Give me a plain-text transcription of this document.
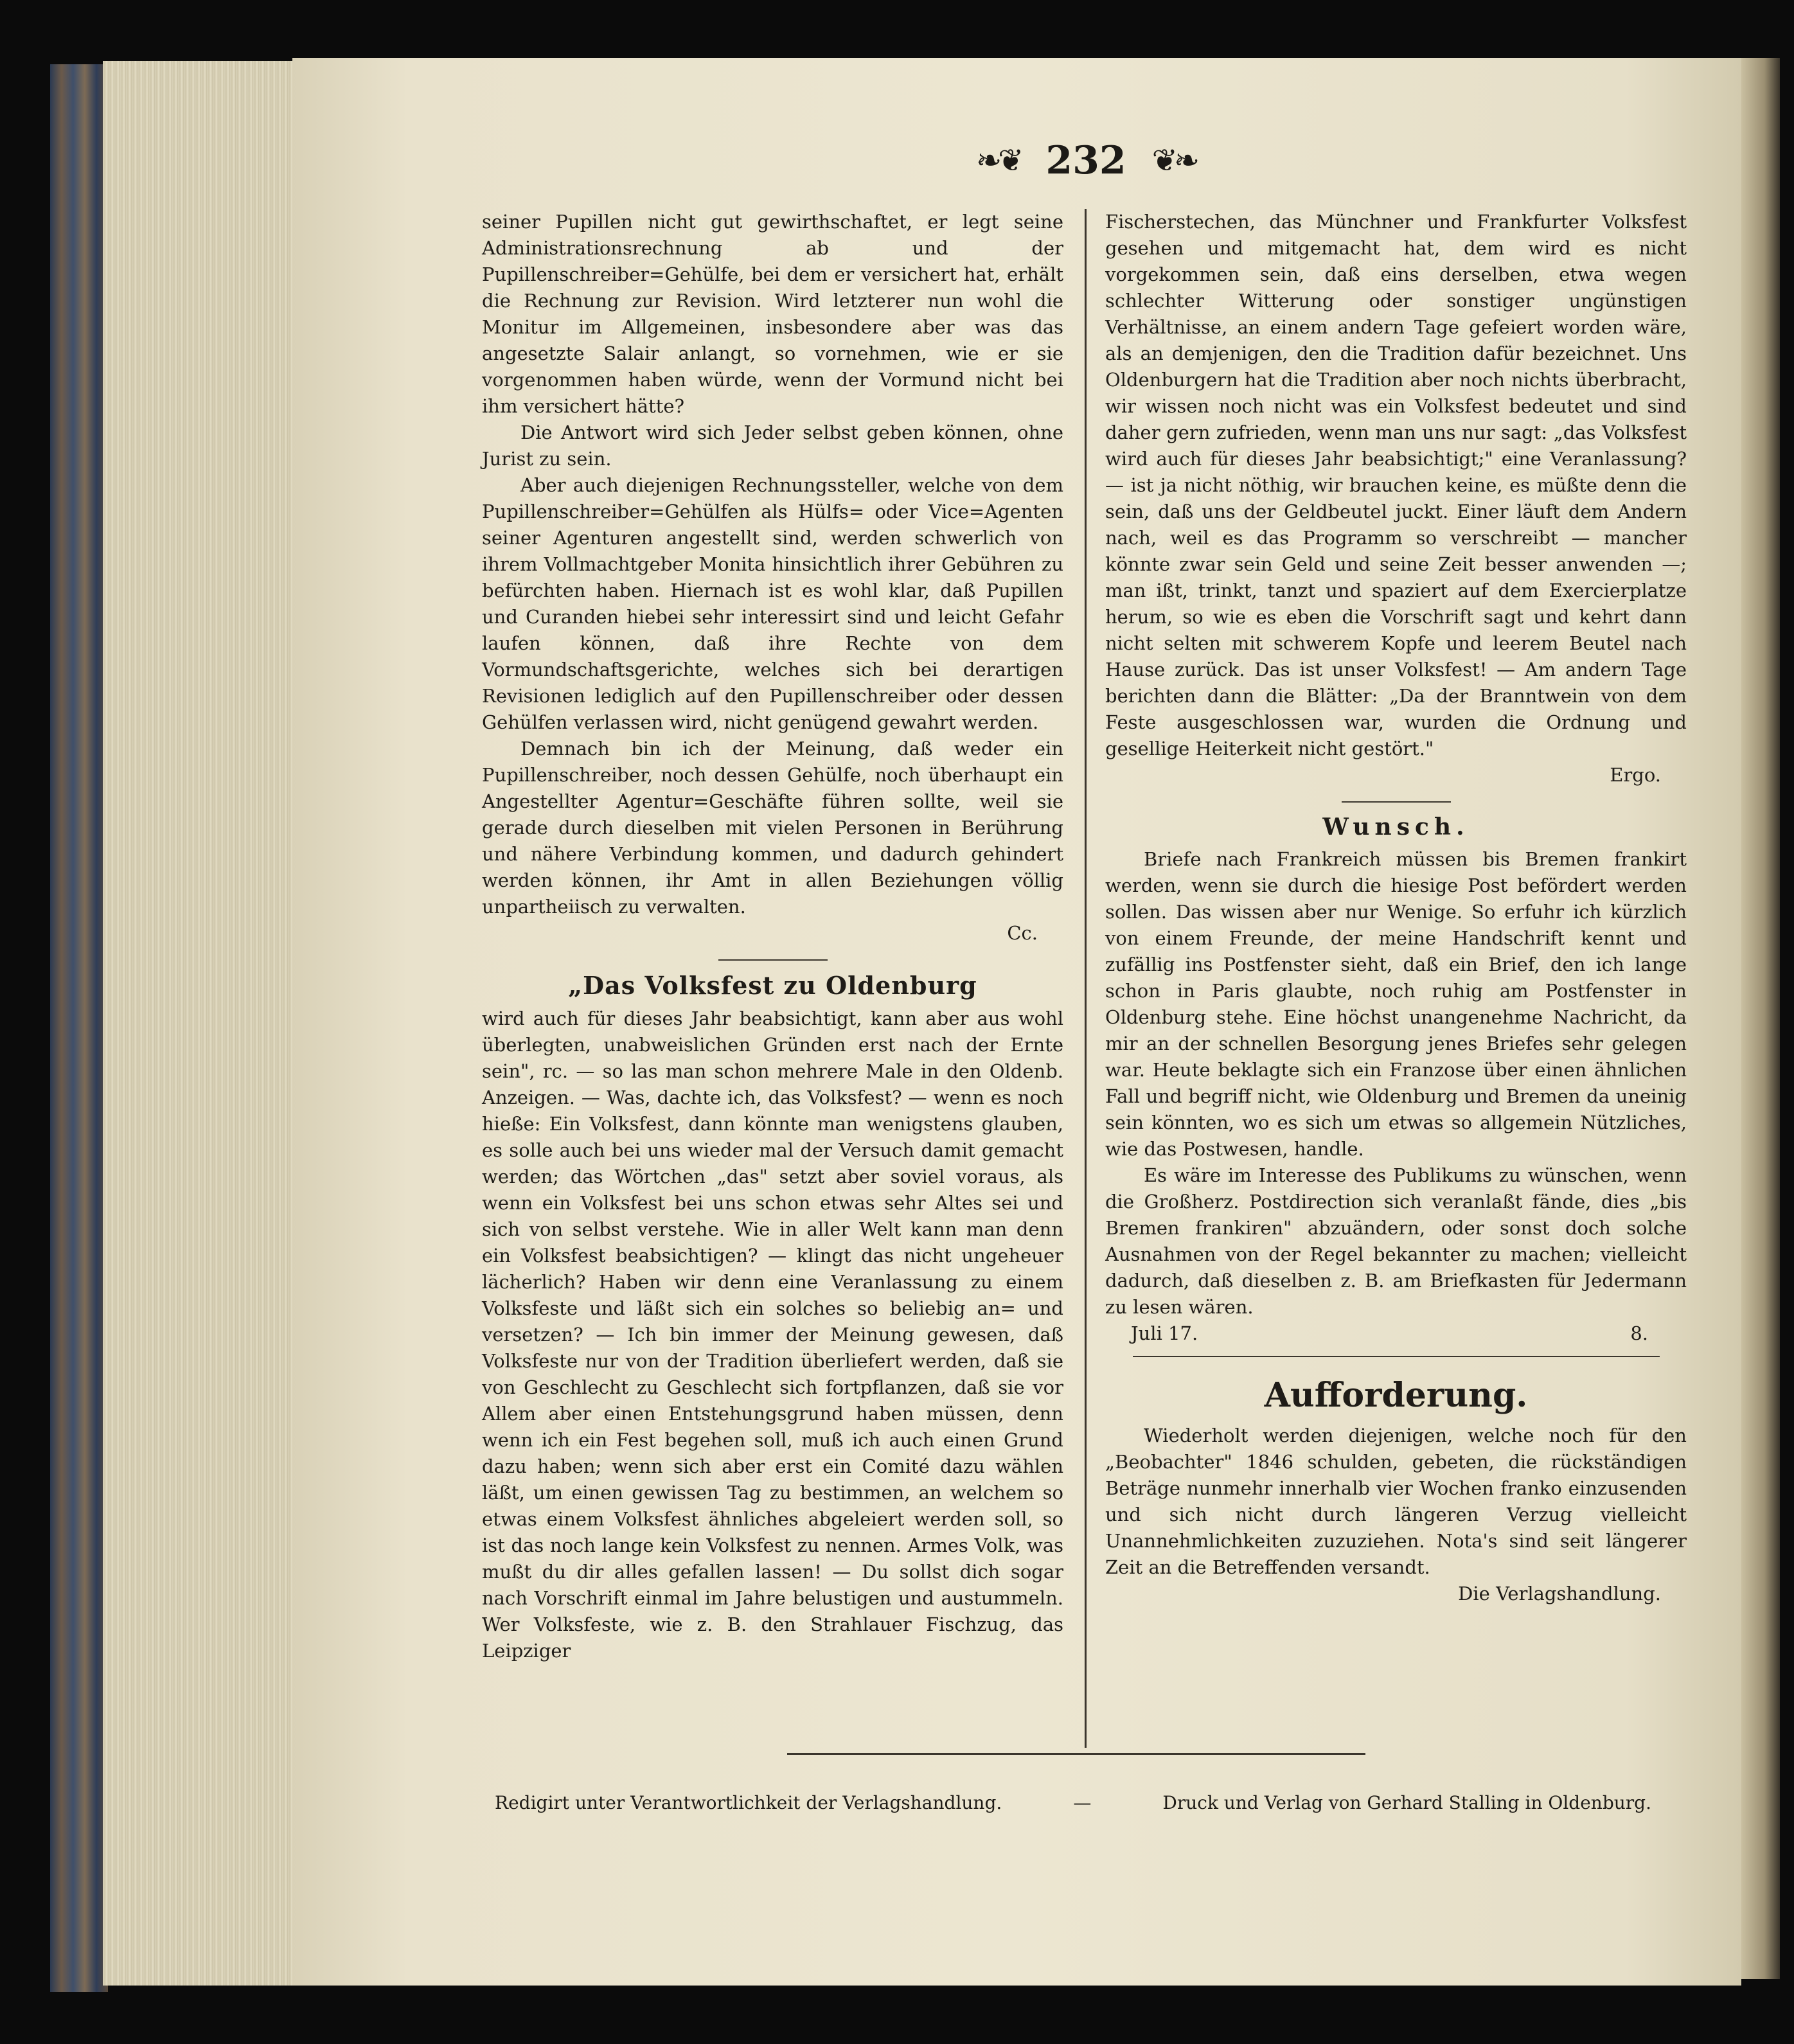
❧❦ 232 ❦❧

seiner Pupillen nicht gut gewirthschaftet, er legt seine Administrationsrechnung ab und der Pupillenschreiber=Gehülfe, bei dem er versichert hat, erhält die Rechnung zur Revision. Wird letzterer nun wohl die Monitur im Allgemeinen, insbesondere aber was das angesetzte Salair anlangt, so vornehmen, wie er sie vorgenommen haben würde, wenn der Vormund nicht bei ihm versichert hätte?

Die Antwort wird sich Jeder selbst geben können, ohne Jurist zu sein.

Aber auch diejenigen Rechnungssteller, welche von dem Pupillenschreiber=Gehülfen als Hülfs= oder Vice=Agenten seiner Agenturen angestellt sind, werden schwerlich von ihrem Vollmachtgeber Monita hinsichtlich ihrer Gebühren zu befürchten haben. Hiernach ist es wohl klar, daß Pupillen und Curanden hiebei sehr interessirt sind und leicht Gefahr laufen können, daß ihre Rechte von dem Vormundschaftsgerichte, welches sich bei derartigen Revisionen lediglich auf den Pupillenschreiber oder dessen Gehülfen verlassen wird, nicht genügend gewahrt werden.

Demnach bin ich der Meinung, daß weder ein Pupillenschreiber, noch dessen Gehülfe, noch überhaupt ein Angestellter Agentur=Geschäfte führen sollte, weil sie gerade durch dieselben mit vielen Personen in Berührung und nähere Verbindung kommen, und dadurch gehindert werden können, ihr Amt in allen Beziehungen völlig unpartheiisch zu verwalten.

Cc.
„Das Volksfest zu Oldenburg

wird auch für dieses Jahr beabsichtigt, kann aber aus wohl überlegten, unabweislichen Gründen erst nach der Ernte sein", rc. — so las man schon mehrere Male in den Oldenb. Anzeigen. — Was, dachte ich, das Volksfest? — wenn es noch hieße: Ein Volksfest, dann könnte man wenigstens glauben, es solle auch bei uns wieder mal der Versuch damit gemacht werden; das Wörtchen „das" setzt aber soviel voraus, als wenn ein Volksfest bei uns schon etwas sehr Altes sei und sich von selbst verstehe. Wie in aller Welt kann man denn ein Volksfest beabsichtigen? — klingt das nicht ungeheuer lächerlich? Haben wir denn eine Veranlassung zu einem Volksfeste und läßt sich ein solches so beliebig an= und versetzen? — Ich bin immer der Meinung gewesen, daß Volksfeste nur von der Tradition überliefert werden, daß sie von Geschlecht zu Geschlecht sich fortpflanzen, daß sie vor Allem aber einen Entstehungsgrund haben müssen, denn wenn ich ein Fest begehen soll, muß ich auch einen Grund dazu haben; wenn sich aber erst ein Comité dazu wählen läßt, um einen gewissen Tag zu bestimmen, an welchem so etwas einem Volksfest ähnliches abgeleiert werden soll, so ist das noch lange kein Volksfest zu nennen. Armes Volk, was mußt du dir alles gefallen lassen! — Du sollst dich sogar nach Vorschrift einmal im Jahre belustigen und austummeln. Wer Volksfeste, wie z. B. den Strahlauer Fischzug, das Leipziger

Fischerstechen, das Münchner und Frankfurter Volksfest gesehen und mitgemacht hat, dem wird es nicht vorgekommen sein, daß eins derselben, etwa wegen schlechter Witterung oder sonstiger ungünstigen Verhältnisse, an einem andern Tage gefeiert worden wäre, als an demjenigen, den die Tradition dafür bezeichnet. Uns Oldenburgern hat die Tradition aber noch nichts überbracht, wir wissen noch nicht was ein Volksfest bedeutet und sind daher gern zufrieden, wenn man uns nur sagt: „das Volksfest wird auch für dieses Jahr beabsichtigt;" eine Veranlassung? — ist ja nicht nöthig, wir brauchen keine, es müßte denn die sein, daß uns der Geldbeutel juckt. Einer läuft dem Andern nach, weil es das Programm so verschreibt — mancher könnte zwar sein Geld und seine Zeit besser anwenden —; man ißt, trinkt, tanzt und spaziert auf dem Exercierplatze herum, so wie es eben die Vorschrift sagt und kehrt dann nicht selten mit schwerem Kopfe und leerem Beutel nach Hause zurück. Das ist unser Volksfest! — Am andern Tage berichten dann die Blätter: „Da der Branntwein von dem Feste ausgeschlossen war, wurden die Ordnung und gesellige Heiterkeit nicht gestört."

Ergo.
Wunsch.

Briefe nach Frankreich müssen bis Bremen frankirt werden, wenn sie durch die hiesige Post befördert werden sollen. Das wissen aber nur Wenige. So erfuhr ich kürzlich von einem Freunde, der meine Handschrift kennt und zufällig ins Postfenster sieht, daß ein Brief, den ich lange schon in Paris glaubte, noch ruhig am Postfenster in Oldenburg stehe. Eine höchst unangenehme Nachricht, da mir an der schnellen Besorgung jenes Briefes sehr gelegen war. Heute beklagte sich ein Franzose über einen ähnlichen Fall und begriff nicht, wie Oldenburg und Bremen da uneinig sein könnten, wo es sich um etwas so allgemein Nützliches, wie das Postwesen, handle.

Es wäre im Interesse des Publikums zu wünschen, wenn die Großherz. Postdirection sich veranlaßt fände, dies „bis Bremen frankiren" abzuändern, oder sonst doch solche Ausnahmen von der Regel bekannter zu machen; vielleicht dadurch, daß dieselben z. B. am Briefkasten für Jedermann zu lesen wären.

Juli 17.	8.
Aufforderung.

Wiederholt werden diejenigen, welche noch für den „Beobachter" 1846 schulden, gebeten, die rückständigen Beträge nunmehr innerhalb vier Wochen franko einzusenden und sich nicht durch längeren Verzug vielleicht Unannehmlichkeiten zuzuziehen. Nota's sind seit längerer Zeit an die Betreffenden versandt.

Die Verlagshandlung.
Redigirt unter Verantwortlichkeit der Verlagshandlung.	—	Druck und Verlag von Gerhard Stalling in Oldenburg.
